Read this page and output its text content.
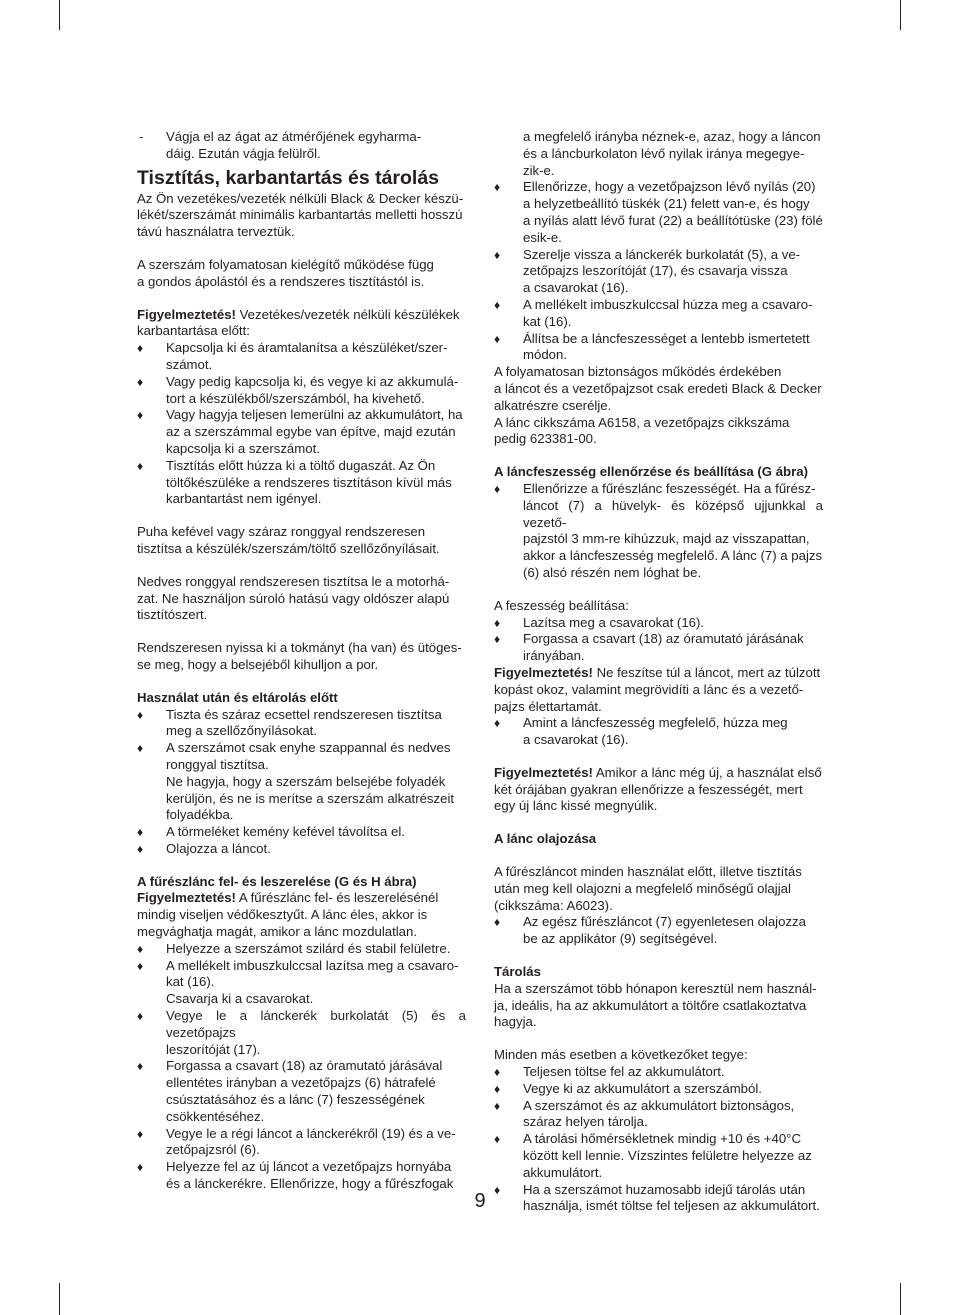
- Vágja el az ágat az átmérőjének egyharma-
dáig. Ezután vágja felülről.
Tisztítás, karbantartás és tárolás
Az Ön vezetékes/vezeték nélküli Black & Decker készü-
lékét/szerszámát minimális karbantartás melletti hosszú
távú használatra terveztük.
A szerszám folyamatosan kielégítő működése függ
a gondos ápolástól és a rendszeres tisztítástól is.
Figyelmeztetés! Vezetékes/vezeték nélküli készülékek
karbantartása előtt:
♦	Kapcsolja ki és áramtalanítsa a készüléket/szer-
számot.
♦	Vagy pedig kapcsolja ki, és vegye ki az akkumulá-
tort a készülékből/szerszámból, ha kivehető.
♦	Vagy hagyja teljesen lemerülni az akkumulátort, ha
az a szerszámmal egybe van építve, majd ezután
kapcsolja ki a szerszámot.
♦	Tisztítás előtt húzza ki a töltő dugaszát. Az Ön
töltőkészüléke a rendszeres tisztításon kívül más
karbantartást nem igényel.
Puha kefével vagy száraz ronggyal rendszeresen
tisztítsa a készülék/szerszám/töltő szellőzőnyílásait.
Nedves ronggyal rendszeresen tisztítsa le a motorhá-
zat. Ne használjon súroló hatású vagy oldószer alapú
tisztítószert.
Rendszeresen nyissa ki a tokmányt (ha van) és ütöges-
se meg, hogy a belsejéből kihulljon a por.
Használat után és eltárolás előtt
♦	Tiszta és száraz ecsettel rendszeresen tisztítsa
meg a szellőzőnyílásokat.
♦	A szerszámot csak enyhe szappannal és nedves
ronggyal tisztítsa.
Ne hagyja, hogy a szerszám belsejébe folyadék
kerüljön, és ne is merítse a szerszám alkatrészeit
folyadékba.
♦	A törmeléket kemény kefével távolítsa el.
♦	Olajozza a láncot.
A fűrészlánc fel- és leszerelése (G és H ábra)
Figyelmeztetés! A fűrészlánc fel- és leszerelésénél
mindig viseljen védőkesztyűt. A lánc éles, akkor is
megvághatja magát, amikor a lánc mozdulatlan.
♦	Helyezze a szerszámot szilárd és stabil felületre.
♦	A mellékelt imbuszkulccsal lazítsa meg a csavaro-
kat (16).
Csavarja ki a csavarokat.
♦	Vegye le a lánckerék burkolatát (5) és a vezetőpajzs
leszorítóját (17).
♦	Forgassa a csavart (18) az óramutató járásával
ellentétes irányban a vezetőpajzs (6) hátrafelé
csúsztatásához és a lánc (7) feszességének
csökkentéséhez.
♦	Vegye le a régi láncot a lánckerékről (19) és a ve-
zetőpajzsról (6).
♦	Helyezze fel az új láncot a vezetőpajzs hornyába
és a lánckerékre. Ellenőrizze, hogy a fűrészfogak
a megfelelő irányba néznek-e, azaz, hogy a láncon
és a láncburkolaton lévő nyilak iránya megegye-
zik-e.
♦	Ellenőrizze, hogy a vezetőpajzson lévő nyílás (20)
a helyzetbeállító tüskék (21) felett van-e, és hogy
a nyílás alatt lévő furat (22) a beállítótüske (23) fölé
esik-e.
♦	Szerelje vissza a lánckerék burkolatát (5), a ve-
zetőpajzs leszorítóját (17), és csavarja vissza
a csavarokat (16).
♦	A mellékelt imbuszkulccsal húzza meg a csavaro-
kat (16).
♦	Állítsa be a láncfeszességet a lentebb ismertetett
módon.
A folyamatosan biztonságos működés érdekében
a láncot és a vezetőpajzsot csak eredeti Black & Decker
alkatrészre cserélje.
A lánc cikkszáma A6158, a vezetőpajzs cikkszáma
pedig 623381-00.
A láncfeszesség ellenőrzése és beállítása (G ábra)
♦	Ellenőrizze a fűrészlánc feszességét. Ha a fűrész-
láncot (7) a hüvelyk- és középső ujjunkkal a vezető-
pajzstól 3 mm-re kihúzzuk, majd az visszapattan,
akkor a láncfeszesség megfelelő. A lánc (7) a pajzs
(6) alsó részén nem lóghat be.
A feszesség beállítása:
♦	Lazítsa meg a csavarokat (16).
♦	Forgassa a csavart (18) az óramutató járásának
irányában.
Figyelmeztetés! Ne feszítse túl a láncot, mert az túlzott
kopást okoz, valamint megrövidíti a lánc és a vezető-
pajzs élettartamát.
♦	Amint a láncfeszesség megfelelő, húzza meg
a csavarokat (16).
Figyelmeztetés! Amikor a lánc még új, a használat első
két órájában gyakran ellenőrizze a feszességét, mert
egy új lánc kissé megnyúlik.
A lánc olajozása
A fűrészláncot minden használat előtt, illetve tisztítás
után meg kell olajozni a megfelelő minőségű olajjal
(cikkszáma: A6023).
♦	Az egész fűrészláncot (7) egyenletesen olajozza
be az applikátor (9) segítségével.
Tárolás
Ha a szerszámot több hónapon keresztül nem használ-
ja, ideális, ha az akkumulátort a töltőre csatlakoztatva
hagyja.
Minden más esetben a következőket tegye:
♦	Teljesen töltse fel az akkumulátort.
♦	Vegye ki az akkumulátort a szerszámból.
♦	A szerszámot és az akkumulátort biztonságos,
száraz helyen tárolja.
♦	A tárolási hőmérsékletnek mindig +10 és +40°C
között kell lennie. Vízszintes felületre helyezze az
akkumulátort.
♦	Ha a szerszámot huzamosabb idejű tárolás után
használja, ismét töltse fel teljesen az akkumulátort.
9
